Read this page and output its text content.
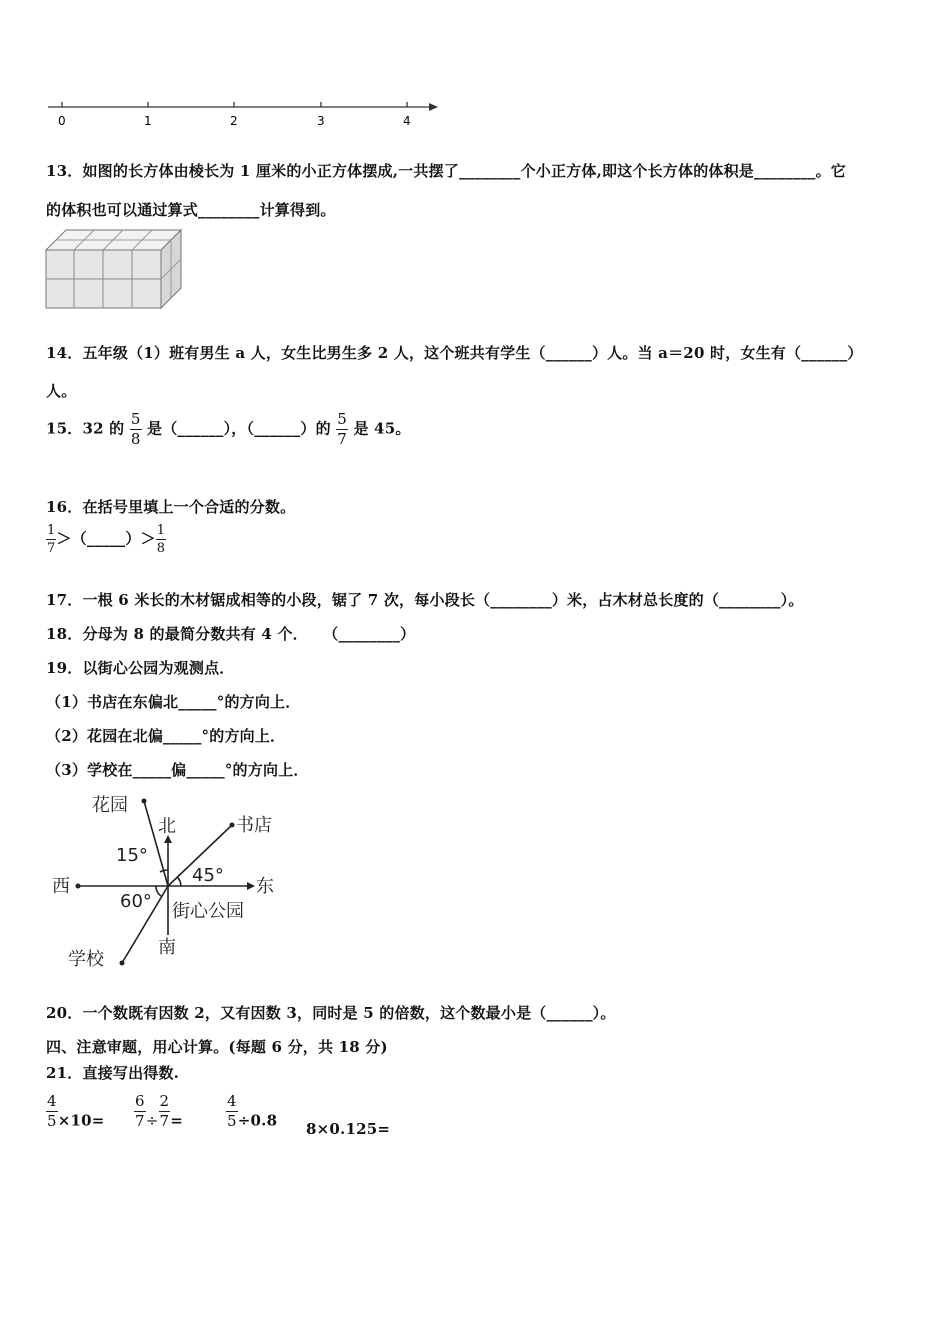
0	1	2	3	4
13．如图的长方体由棱长为 1 厘米的小正方体摆成,一共摆了________个小正方体,即这个长方体的体积是________。它
的体积也可以通过算式________计算得到。
14．五年级（1）班有男生 a 人，女生比男生多 2 人，这个班共有学生（______）人。当 a＝20 时，女生有（______）
人。
15．32 的 $\frac{5}{8}$ 是（______），（______）的 $\frac{5}{7}$ 是 45。
16．在括号里填上一个合适的分数。
$\frac{1}{7}$ ＞（_____）＞ $\frac{1}{8}$
17．一根 6 米长的木材锯成相等的小段，锯了 7 次，每小段长（________）米，占木材总长度的（________）。
18．分母为 8 的最简分数共有 4 个．　　（________）
19．以街心公园为观测点．
（1）书店在东偏北_____°的方向上．
（2）花园在北偏_____°的方向上．
（3）学校在_____偏_____°的方向上．
花园
北	书店
15°
45°
西	东
60° 街心公园
南
学校
20．一个数既有因数 2，又有因数 3，同时是 5 的倍数，这个数最小是（______）。
四、注意审题，用心计算。(每题 6 分，共 18 分)
21．直接写出得数.
$\frac{4}{5} \times 10= \frac{6}{7} \div \frac{2}{7}$ =	$\frac{4}{5} \div 0.8$ 8×0.125=
